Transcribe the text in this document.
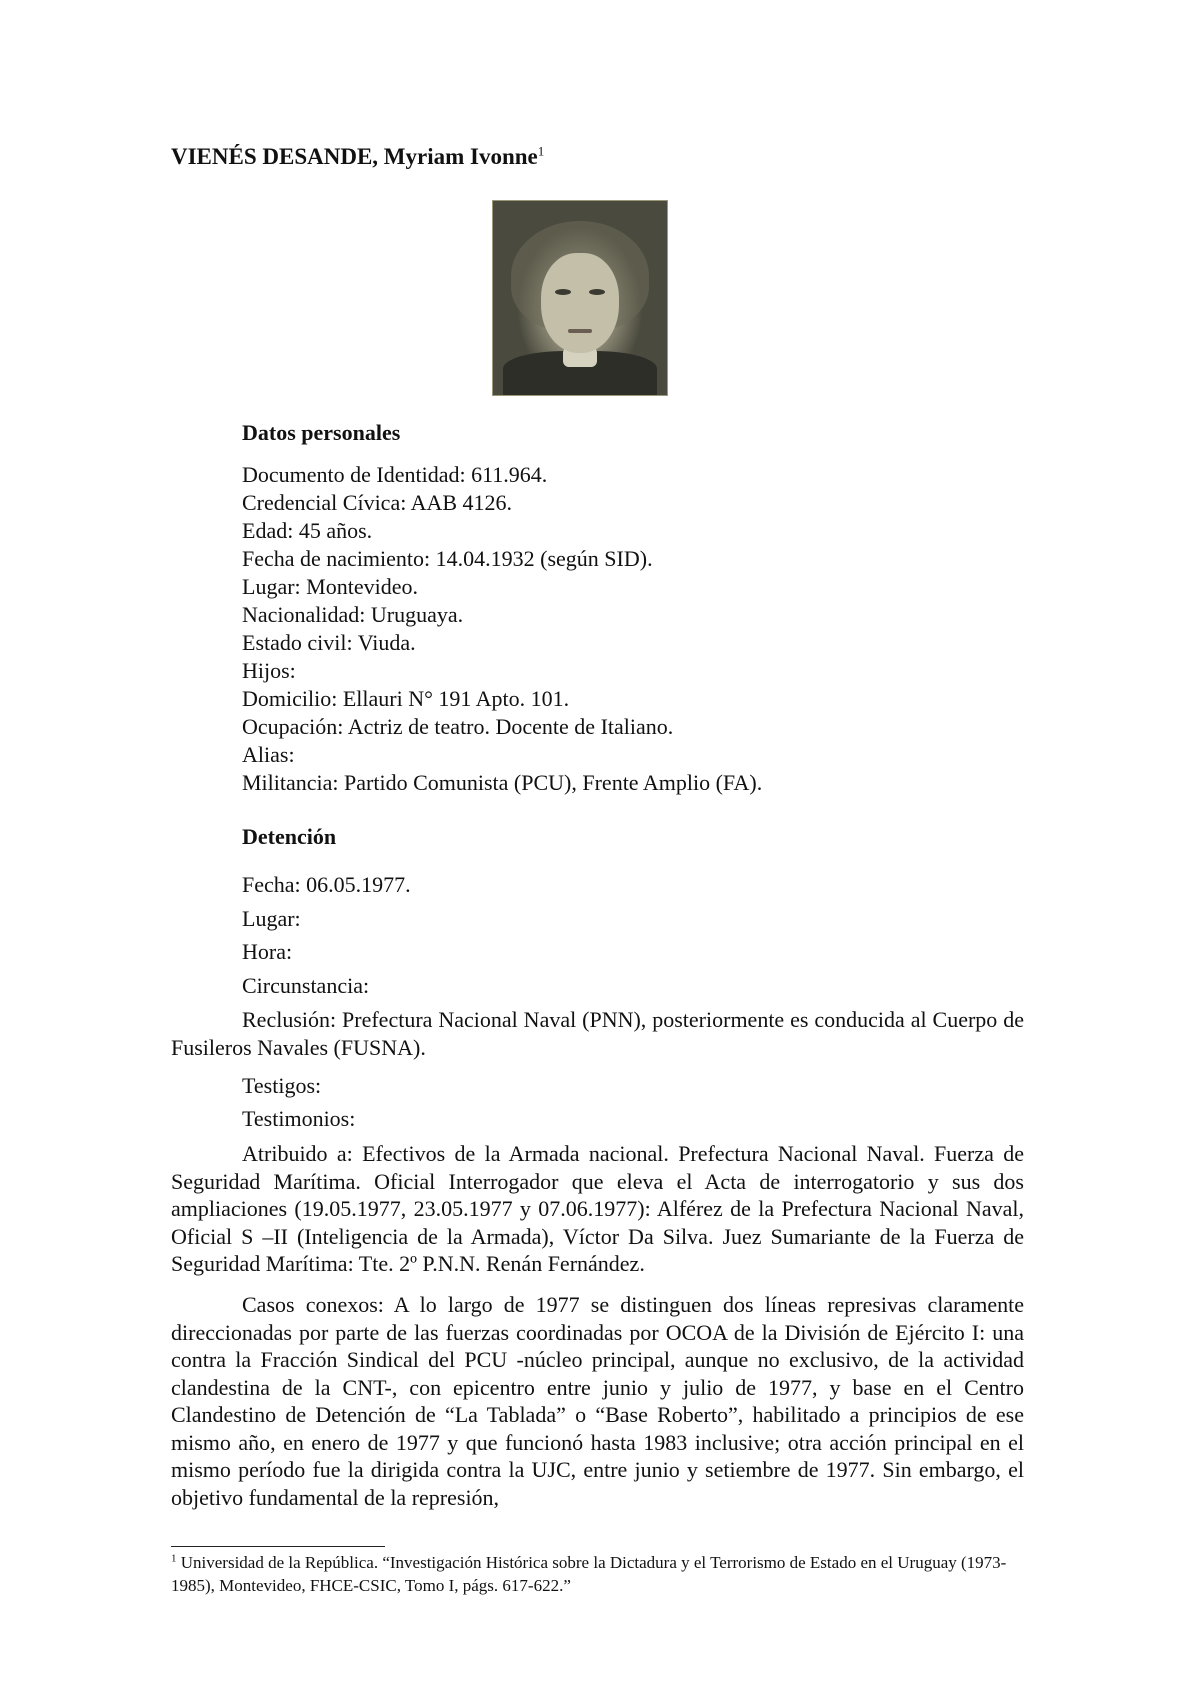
VIENÉS DESANDE, Myriam Ivonne$^1$
Datos personales
Documento de Identidad: 611.964.
Credencial Cívica: AAB 4126.
Edad: 45 años.
Fecha de nacimiento: 14.04.1932 (según SID).
Lugar: Montevideo.
Nacionalidad: Uruguaya.
Estado civil: Viuda.
Hijos:
Domicilio: Ellauri N° 191 Apto. 101.
Ocupación: Actriz de teatro. Docente de Italiano.
Alias:
Militancia: Partido Comunista (PCU), Frente Amplio (FA).
Detención
Fecha: 06.05.1977.
Lugar:
Hora:
Circunstancia:
Reclusión: Prefectura Nacional Naval (PNN), posteriormente es conducida al Cuerpo de Fusileros Navales (FUSNA).
Testigos:
Testimonios:
Atribuido a: Efectivos de la Armada nacional. Prefectura Nacional Naval. Fuerza de Seguridad Marítima. Oficial Interrogador que eleva el Acta de interrogatorio y sus dos ampliaciones (19.05.1977, 23.05.1977 y 07.06.1977): Alférez de la Prefectura Nacional Naval, Oficial S –II (Inteligencia de la Armada), Víctor Da Silva. Juez Sumariante de la Fuerza de Seguridad Marítima: Tte. 2º P.N.N. Renán Fernández.
Casos conexos: A lo largo de 1977 se distinguen dos líneas represivas claramente direccionadas por parte de las fuerzas coordinadas por OCOA de la División de Ejército I: una contra la Fracción Sindical del PCU -núcleo principal, aunque no exclusivo, de la actividad clandestina de la CNT-, con epicentro entre junio y julio de 1977, y base en el Centro Clandestino de Detención de “La Tablada” o “Base Roberto”, habilitado a principios de ese mismo año, en enero de 1977 y que funcionó hasta 1983 inclusive; otra acción principal en el mismo período fue la dirigida contra la UJC, entre junio y setiembre de 1977. Sin embargo, el objetivo fundamental de la represión,
$^1$ Universidad de la República. “Investigación Histórica sobre la Dictadura y el Terrorismo de Estado en el Uruguay (1973-1985), Montevideo, FHCE-CSIC, Tomo I, págs. 617-622.”
